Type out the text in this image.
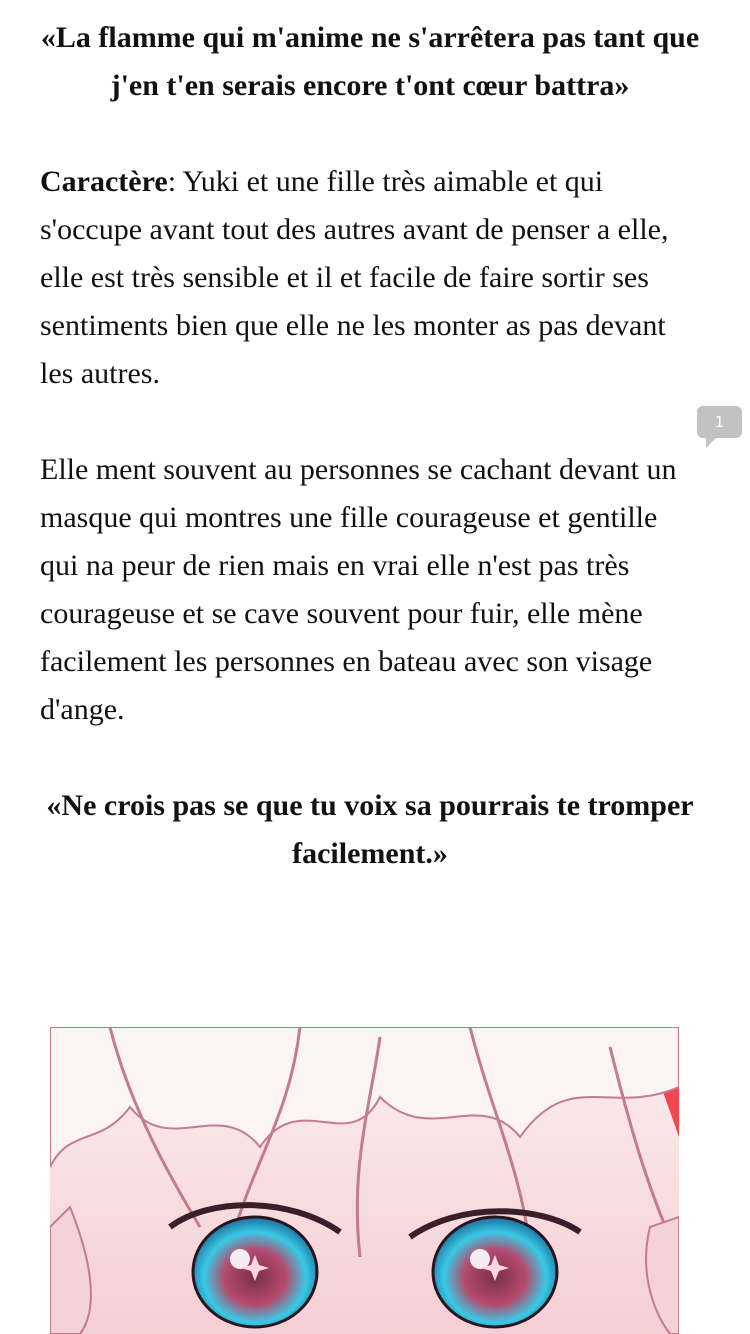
«La flamme qui m'anime ne s'arrêtera pas tant que j'en t'en serais encore t'ont cœur battra»

Caractère: Yuki et une fille très aimable et qui s'occupe avant tout des autres avant de penser a elle, elle est très sensible et il et facile de faire sortir ses sentiments bien que elle ne les monter as pas devant les autres.

Elle ment souvent au personnes se cachant devant un masque qui montres une fille courageuse et gentille qui na peur de rien mais en vrai elle n'est pas très courageuse et se cave souvent pour fuir, elle mène facilement les personnes en bateau avec son visage d'ange.

«Ne crois pas se que tu voix sa pourrais te tromper facilement.»

1
